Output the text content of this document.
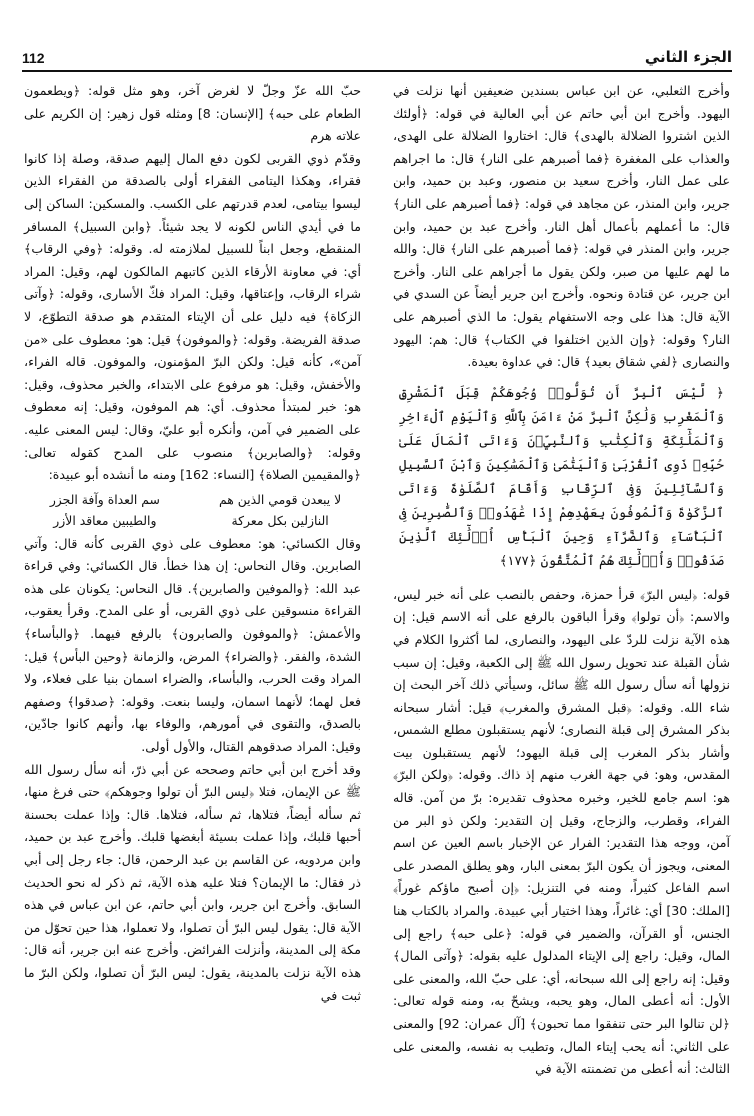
الجزء الثاني
112

وأخرج الثعلبي، عن ابن عباس بسندين ضعيفين أنها نزلت في اليهود. وأخرج ابن أبي حاتم عن أبي العالية في قوله: ﴿أولئك الذين اشتروا الضلالة بالهدى﴾ قال: اختاروا الضلالة على الهدى، والعذاب على المغفرة ﴿فما أصبرهم على النار﴾ قال: ما اجراهم على عمل النار، وأخرج سعيد بن منصور، وعبد بن حميد، وابن جرير، وابن المنذر، عن مجاهد في قوله: ﴿فما أصبرهم على النار﴾ قال: ما أعملهم بأعمال أهل النار. وأخرج عبد بن حميد، وابن جرير، وابن المنذر في قوله: ﴿فما أصبرهم على النار﴾ قال: والله ما لهم عليها من صبر، ولكن يقول ما أجراهم على النار. وأخرج ابن جرير، عن قتادة ونحوه. وأخرج ابن جرير أيضاً عن السدي في الآية قال: هذا على وجه الاستفهام يقول: ما الذي أصبرهم على النار؟ وقوله: ﴿وإن الذين اختلفوا في الكتاب﴾ قال: هم: اليهود والنصارى ﴿لفي شقاق بعيد﴾ قال: في عداوة بعيدة.

﴿ لَّيْسَ ٱلْبِرَّ أَن تُوَلُّوا۟ وُجُوهَكُمْ قِبَلَ ٱلْمَشْرِقِ وَٱلْمَغْرِبِ وَلَٰكِنَّ ٱلْبِرَّ مَنْ ءَامَنَ بِٱللَّهِ وَٱلْيَوْمِ ٱلْءَاخِرِ وَٱلْمَلَٰٓئِكَةِ وَٱلْكِتَٰبِ وَٱلنَّبِيِّۦنَ وَءَاتَى ٱلْمَالَ عَلَىٰ حُبِّهِۦ ذَوِى ٱلْقُرْبَىٰ وَٱلْيَتَٰمَىٰ وَٱلْمَسَٰكِينَ وَٱبْنَ ٱلسَّبِيلِ وَٱلسَّآئِلِينَ وَفِى ٱلرِّقَابِ وَأَقَامَ ٱلصَّلَوٰةَ وَءَاتَى ٱلزَّكَوٰةَ وَٱلْمُوفُونَ بِعَهْدِهِمْ إِذَا عَٰهَدُوا۟ وَٱلصَّٰبِرِينَ فِى ٱلْبَأْسَآءِ وَٱلضَّرَّآءِ وَحِينَ ٱلْبَأْسِ أُو۟لَٰٓئِكَ ٱلَّذِينَ صَدَقُوا۟ وَأُو۟لَٰٓئِكَ هُمُ ٱلْمُتَّقُونَ ﴿١٧٧﴾

قوله: ﴿ليس البرّ﴾ قرأ حمزة، وحفص بالنصب على أنه خبر ليس، والاسم: ﴿أن تولوا﴾ وقرأ الباقون بالرفع على أنه الاسم قيل: إن هذه الآية نزلت للردّ على اليهود، والنصارى، لما أكثروا الكلام في شأن القبلة عند تحويل رسول الله ﷺ إلى الكعبة، وقيل: إن سبب نزولها أنه سأل رسول الله ﷺ سائل، وسيأتي ذلك آخر البحث إن شاء الله. وقوله: ﴿قبل المشرق والمغرب﴾ قيل: أشار سبحانه بذكر المشرق إلى قبلة النصارى؛ لأنهم يستقبلون مطلع الشمس، وأشار بذكر المغرب إلى قبلة اليهود؛ لأنهم يستقبلون بيت المقدس، وهو: في جهة الغرب منهم إذ ذاك. وقوله: ﴿ولكن البرّ﴾ هو: اسم جامع للخير، وخبره محذوف تقديره: برّ من آمن. قاله الفراء، وقطرب، والزجاج، وقيل إن التقدير: ولكن ذو البر من آمن، ووجه هذا التقدير: الفرار عن الإخبار باسم العين عن اسم المعنى، ويجوز أن يكون البرّ بمعنى البار، وهو يطلق المصدر على اسم الفاعل كثيراً، ومنه في التنزيل: ﴿إن أصبح ماؤكم غوراً﴾ [الملك: 30] أي: غائراً، وهذا اختيار أبي عبيدة. والمراد بالكتاب هنا الجنس، أو القرآن، والضمير في قوله: ﴿على حبه﴾ راجع إلى المال، وقيل: راجع إلى الإيتاء المدلول عليه بقوله: ﴿وآتى المال﴾ وقيل: إنه راجع إلى الله سبحانه، أي: على حبّ الله، والمعنى على الأول: أنه أعطى المال، وهو يحبه، ويشحّ به، ومنه قوله تعالى: ﴿لن تنالوا البر حتى تنفقوا مما تحبون﴾ [آل عمران: 92] والمعنى على الثاني: أنه يحب إيتاء المال، وتطيب به نفسه، والمعنى على الثالث: أنه أعطى من تضمنته الآية في

حبّ الله عزّ وجلّ لا لغرض آخر، وهو مثل قوله: ﴿ويطعمون الطعام على حبه﴾ [الإنسان: 8] ومثله قول زهير: إن الكريم على علاته هرم
وقدّم ذوي القربى لكون دفع المال إليهم صدقة، وصلة إذا كانوا فقراء، وهكذا اليتامى الفقراء أولى بالصدقة من الفقراء الذين ليسوا بيتامى، لعدم قدرتهم على الكسب. والمسكين: الساكن إلى ما في أيدي الناس لكونه لا يجد شيئاً. ﴿وابن السبيل﴾ المسافر المنقطع، وجعل ابناً للسبيل لملازمته له. وقوله: ﴿وفي الرقاب﴾ أي: في معاونة الأرقاء الذين كاتبهم المالكون لهم، وقيل: المراد شراء الرقاب، وإعتاقها، وقيل: المراد فكّ الأسارى، وقوله: ﴿وآتى الزكاة﴾ فيه دليل على أن الإيتاء المتقدم هو صدقة التطوّع، لا صدقة الفريضة. وقوله: ﴿والموفون﴾ قيل: هو: معطوف على «من آمن»، كأنه قيل: ولكن البرّ المؤمنون، والموفون. قاله الفراء، والأخفش، وقيل: هو مرفوع على الابتداء، والخبر محذوف، وقيل: هو: خبر لمبتدأ محذوف. أي: هم الموفون، وقيل: إنه معطوف على الضمير في آمن، وأنكره أبو عليّ، وقال: ليس المعنى عليه. وقوله: ﴿والصابرين﴾ منصوب على المدح كقوله تعالى: ﴿والمقيمين الصلاة﴾ [النساء: 162] ومنه ما أنشده أبو عبيدة:

لا يبعدن قومي الذين هم
سم العداة وآفة الجزر
النازلين بكل معركة
والطيبين معاقد الأزر

وقال الكسائي: هو: معطوف على ذوي القربى كأنه قال: وآتي الصابرين. وقال النحاس: إن هذا خطأ. قال الكسائي: وفي قراءة عبد الله: ﴿والموفين والصابرين﴾. قال النحاس: يكونان على هذه القراءة منسوقين على ذوي القربى، أو على المدح. وقرأ يعقوب، والأعمش: ﴿والموفون والصابرون﴾ بالرفع فيهما. ﴿والبأساء﴾ الشدة، والفقر. ﴿والضراء﴾ المرض، والزمانة ﴿وحين البأس﴾ قيل: المراد وقت الحرب، والبأساء، والضراء اسمان بنيا على فعلاء، ولا فعل لهما؛ لأنهما اسمان، وليسا بنعت. وقوله: ﴿صدقوا﴾ وصفهم بالصدق، والتقوى في أمورهم، والوفاء بها، وأنهم كانوا جادّين، وقيل: المراد صدقوهم القتال، والأول أولى.
وقد أخرج ابن أبي حاتم وصححه عن أبي ذرّ، أنه سأل رسول الله ﷺ عن الإيمان، فتلا ﴿ليس البرّ أن تولوا وجوهكم﴾ حتى فرغ منها، ثم سأله أيضاً، فتلاها، ثم سأله، فتلاها. قال: وإذا عملت بحسنة أحبها قلبك، وإذا عملت بسيئة أبغضها قلبك. وأخرج عبد بن حميد، وابن مردويه، عن القاسم بن عبد الرحمن، قال: جاء رجل إلى أبي ذر فقال: ما الإيمان؟ فتلا عليه هذه الآية، ثم ذكر له نحو الحديث السابق. وأخرج ابن جرير، وابن أبي حاتم، عن ابن عباس في هذه الآية قال: يقول ليس البرّ أن تصلوا، ولا تعملوا، هذا حين تحوّل من مكة إلى المدينة، وأنزلت الفرائض. وأخرج عنه ابن جرير، أنه قال: هذه الآية نزلت بالمدينة، يقول: ليس البرّ أن تصلوا، ولكن البرّ ما ثبت في
